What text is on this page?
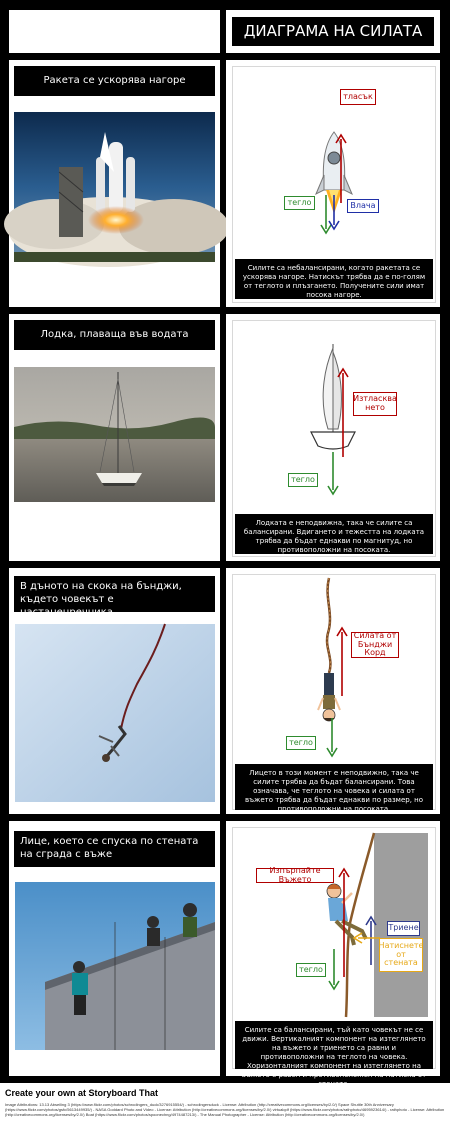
ДИАГРАМА НА СИЛАТА
Ракета се ускорява нагоре
тласък
тегло	Влача
Силите са небалансирани, когато ракетата се ускорява нагоре. Натискът трябва да е по-голям от теглото и плъзгането. Получените сили имат посока нагоре.
Лодка, плаваща във водата
Изтласква нето
тегло
Лодката е неподвижна, така че силите са балансирани. Вдигането и тежестта на лодката трябва да бъдат еднакви по магнитуд, но противоположни на посоката.
В дъното на скока на бънджи, където човекът е настаненречника,
Силата от Бънджи Корд
тегло
Лицето в този момент е неподвижно, така че силите трябва да бъдат балансирани. Това означава, че теглото на човека и силата от въжето трябва да бъдат еднакви по размер, но противоположни на посоката.
Лице, което се спуска по стената на сграда с въже
Изпърпайте Въжето
Триене
Натиснете от стената
тегло
Силите са балансирани, тъй като човекът не се движи. Вертикалният компонент на изтеглянето на въжето и триенето са равни и противоположни на теглото на човека. Хоризонталният компонент на изтеглянето на въжето е равен и противоположен на натиска от стената.
Create your own at Storyboard That
Image Attributions: 13.13 Abseiling 3 (https://www.flickr.com/photos/schrodingers_duck/3276915554/) - schrodingersduck - License: Attribution (http://creativecommons.org/licenses/by/2.0/) Space Shuttle 30th Anniversary (https://www.flickr.com/photos/gsfc/5613449935/) - NASA Goddard Photo and Video - License: Attribution (http://creativecommons.org/licenses/by/2.0/) virtualqdf (https://www.flickr.com/photos/rathphoto/4695923614/) - rathphoto - License: Attribution (http://creativecommons.org/licenses/by/2.0/) Boat (https://www.flickr.com/photos/spoonechng/4974487213/) - The Manual Photographer - License: Attribution (http://creativecommons.org/licenses/by/2.0/)
